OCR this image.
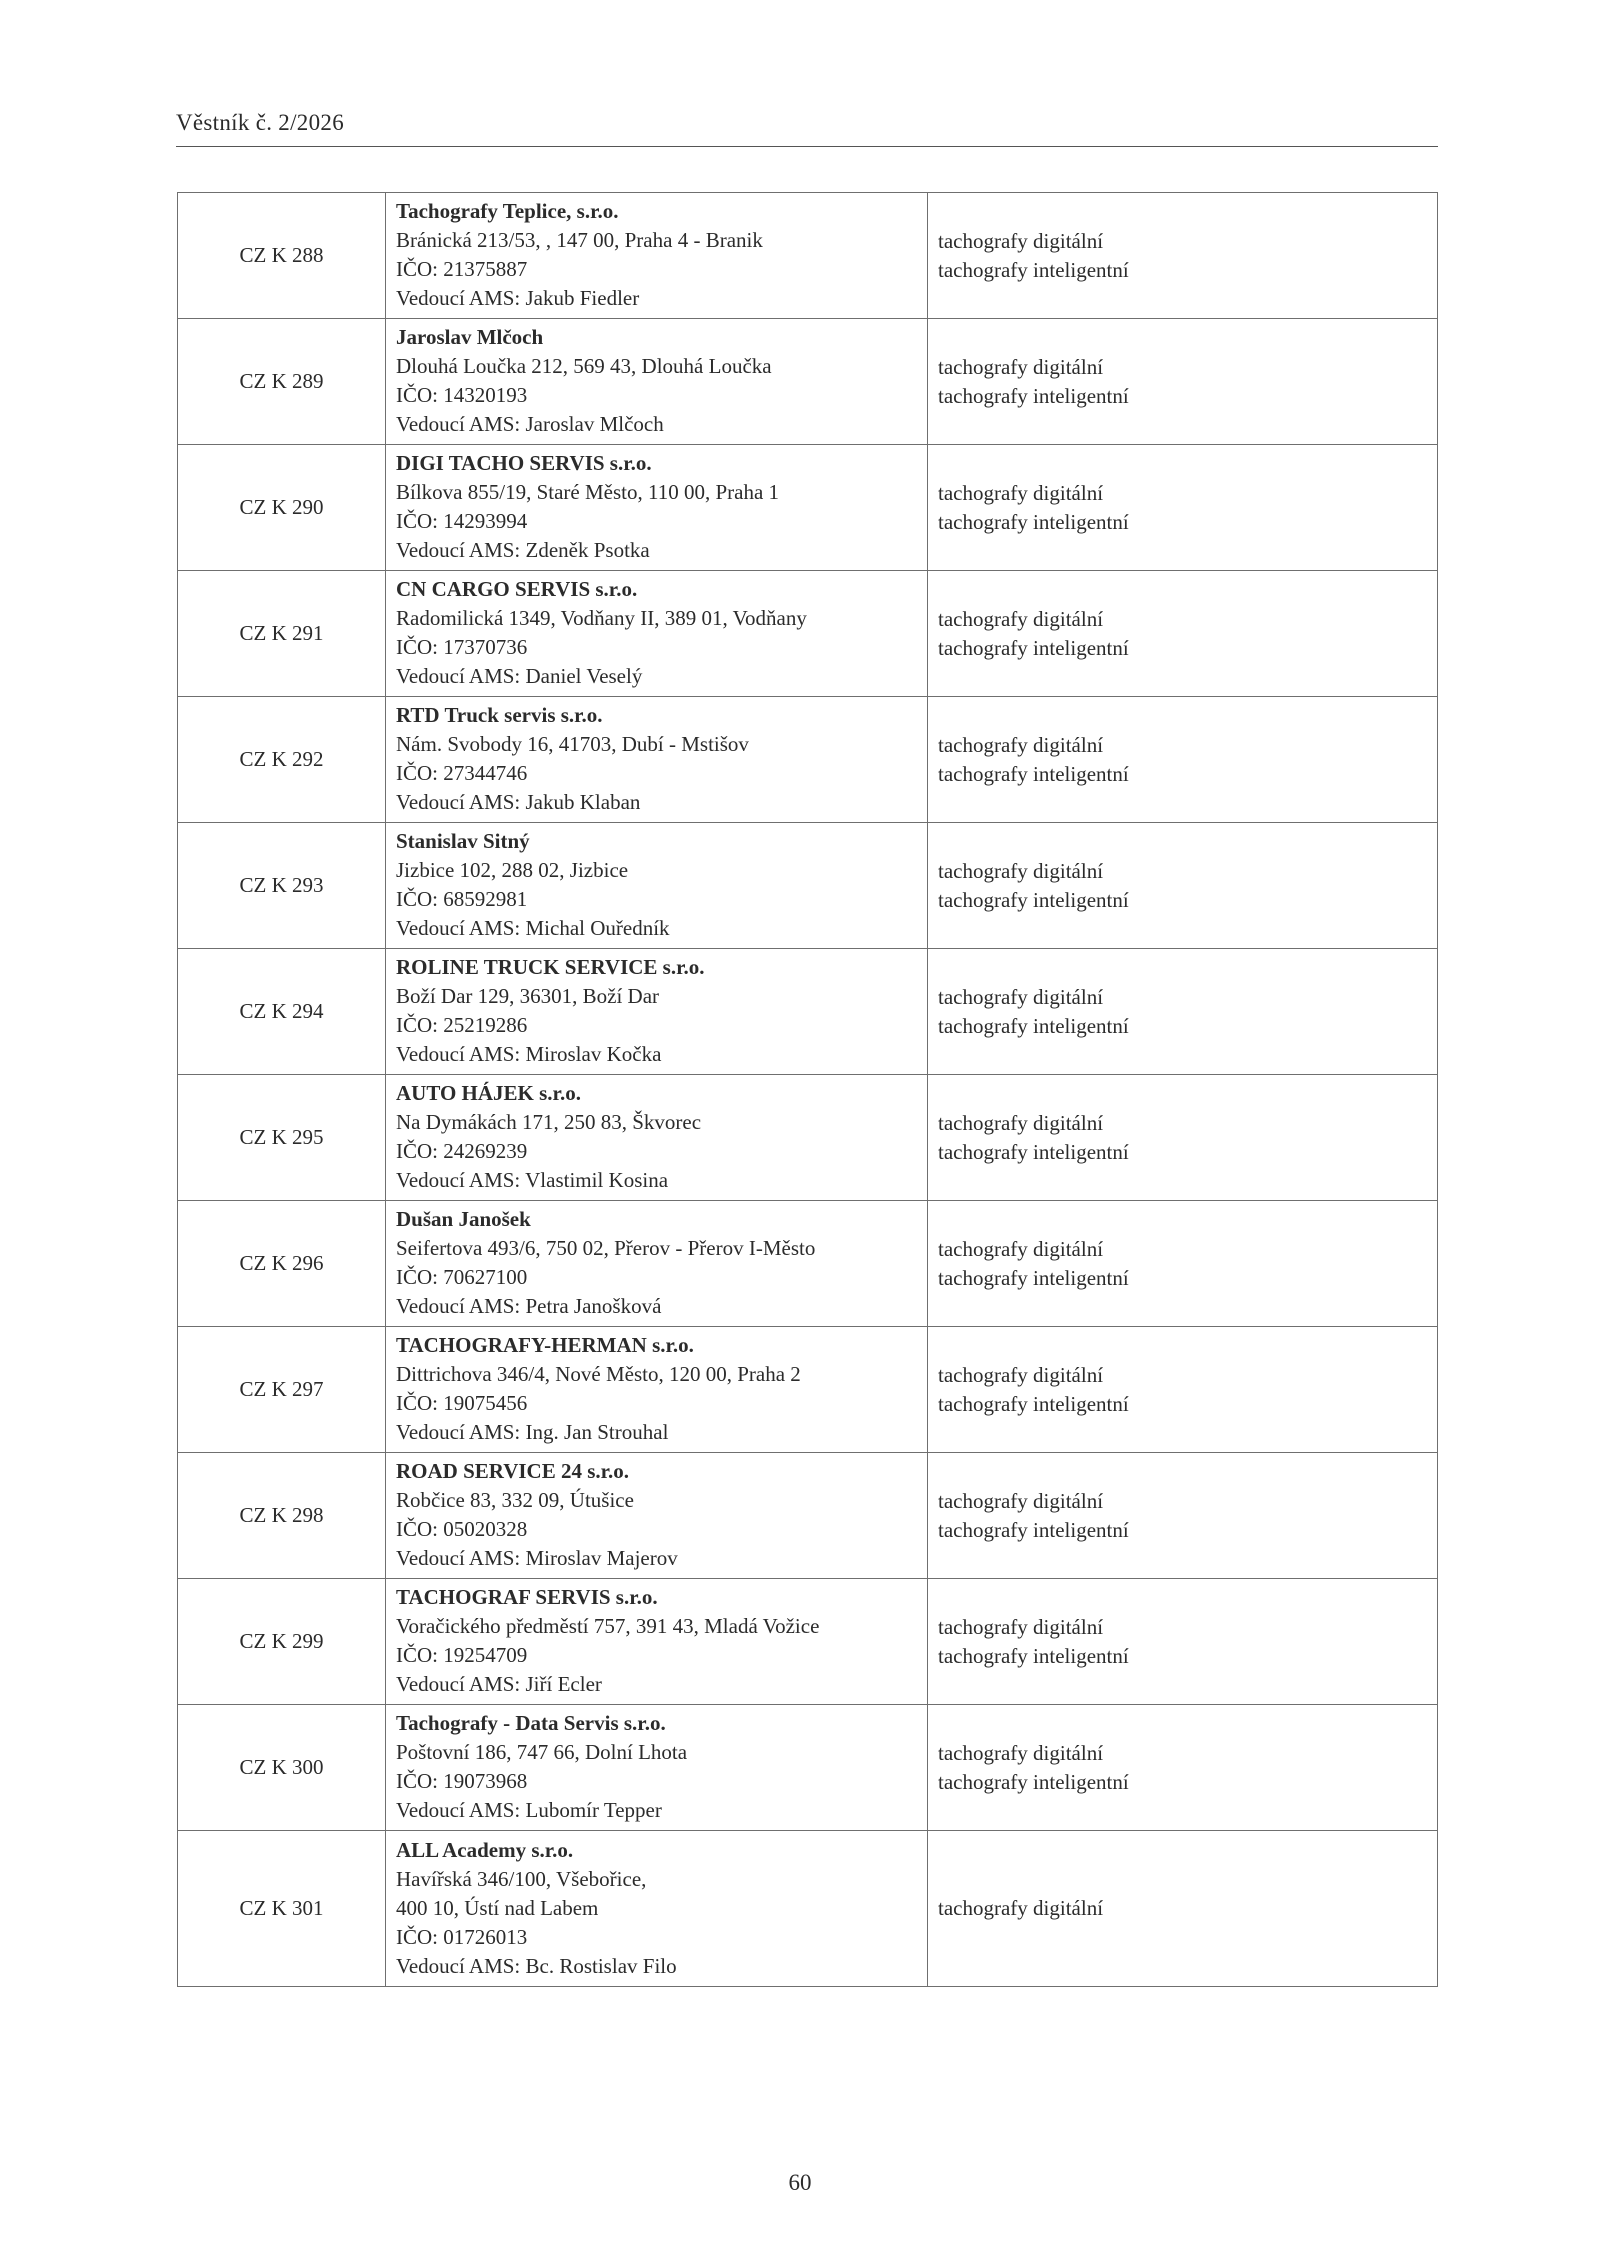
Věstník č. 2/2026
CZ K 288	Tachografy Teplice, s.r.o.
Bránická 213/53, , 147 00, Praha 4 - Branik
IČO: 21375887
Vedoucí AMS: Jakub Fiedler	tachografy digitální
tachografy inteligentní

CZ K 289	Jaroslav Mlčoch
Dlouhá Loučka 212, 569 43, Dlouhá Loučka
IČO: 14320193
Vedoucí AMS: Jaroslav Mlčoch	tachografy digitální
tachografy inteligentní

CZ K 290	DIGI TACHO SERVIS s.r.o.
Bílkova 855/19, Staré Město, 110 00, Praha 1
IČO: 14293994
Vedoucí AMS: Zdeněk Psotka	tachografy digitální
tachografy inteligentní

CZ K 291	CN CARGO SERVIS s.r.o.
Radomilická 1349, Vodňany II, 389 01, Vodňany
IČO: 17370736
Vedoucí AMS: Daniel Veselý	tachografy digitální
tachografy inteligentní

CZ K 292	RTD Truck servis s.r.o.
Nám. Svobody 16, 41703, Dubí - Mstišov
IČO: 27344746
Vedoucí AMS: Jakub Klaban	tachografy digitální
tachografy inteligentní

CZ K 293	Stanislav Sitný
Jizbice 102, 288 02, Jizbice
IČO: 68592981
Vedoucí AMS: Michal Ouředník	tachografy digitální
tachografy inteligentní

CZ K 294	ROLINE TRUCK SERVICE s.r.o.
Boží Dar 129, 36301, Boží Dar
IČO: 25219286
Vedoucí AMS: Miroslav Kočka	tachografy digitální
tachografy inteligentní

CZ K 295	AUTO HÁJEK s.r.o.
Na Dymákách 171, 250 83, Škvorec
IČO: 24269239
Vedoucí AMS: Vlastimil Kosina	tachografy digitální
tachografy inteligentní

CZ K 296	Dušan Janošek
Seifertova 493/6, 750 02, Přerov - Přerov I-Město
IČO: 70627100
Vedoucí AMS: Petra Janošková	tachografy digitální
tachografy inteligentní

CZ K 297	TACHOGRAFY-HERMAN s.r.o.
Dittrichova 346/4, Nové Město, 120 00, Praha 2
IČO: 19075456
Vedoucí AMS: Ing. Jan Strouhal	tachografy digitální
tachografy inteligentní

CZ K 298	ROAD SERVICE 24 s.r.o.
Robčice 83, 332 09, Útušice
IČO: 05020328
Vedoucí AMS: Miroslav Majerov	tachografy digitální
tachografy inteligentní

CZ K 299	TACHOGRAF SERVIS s.r.o.
Voračického předměstí 757, 391 43, Mladá Vožice
IČO: 19254709
Vedoucí AMS: Jiří Ecler	tachografy digitální
tachografy inteligentní

CZ K 300	Tachografy - Data Servis s.r.o.
Poštovní 186, 747 66, Dolní Lhota
IČO: 19073968
Vedoucí AMS: Lubomír Tepper	tachografy digitální
tachografy inteligentní

CZ K 301	ALL Academy s.r.o.
Havířská 346/100, Všebořice,
400 10, Ústí nad Labem
IČO: 01726013
Vedoucí AMS: Bc. Rostislav Filo	tachografy digitální
60
